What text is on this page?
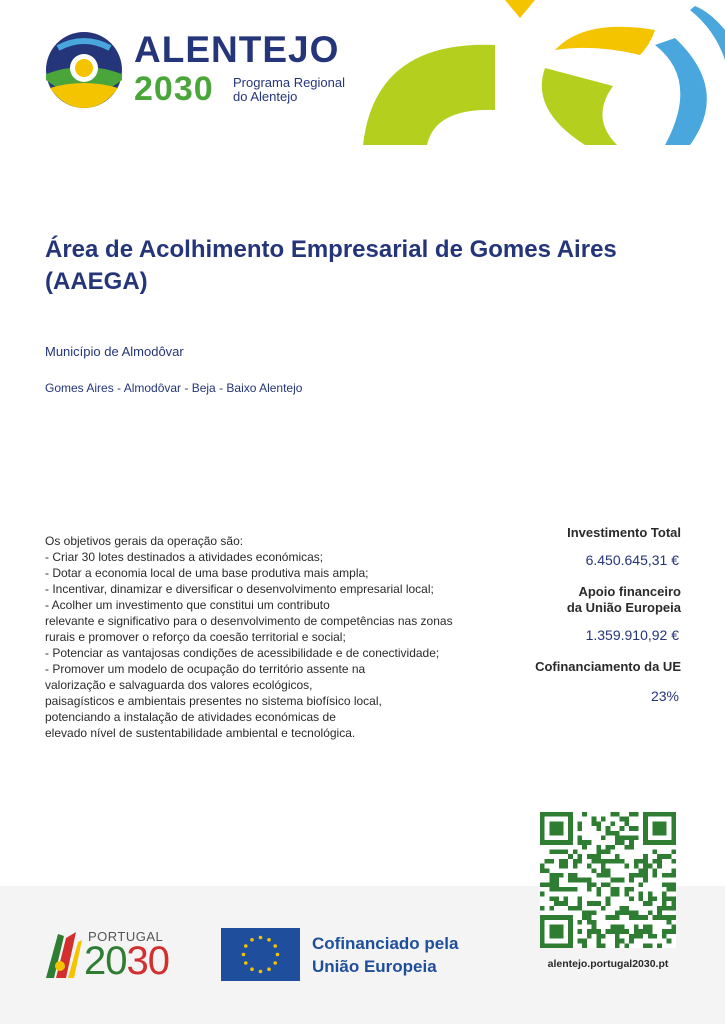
ALENTEJO
2030 Programa Regional
do Alentejo
Área de Acolhimento Empresarial de Gomes Aires (AAEGA)
Município de Almodôvar
Gomes Aires - Almodôvar - Beja - Baixo Alentejo
Os objetivos gerais da operação são:
- Criar 30 lotes destinados a atividades económicas;
- Dotar a economia local de uma base produtiva mais ampla;
- Incentivar, dinamizar e diversificar o desenvolvimento empresarial local;
- Acolher um investimento que constitui um contributo
relevante e significativo para o desenvolvimento de competências nas zonas rurais e promover o reforço da coesão territorial e social;
- Potenciar as vantajosas condições de acessibilidade e de conectividade;
- Promover um modelo de ocupação do território assente na
valorização e salvaguarda dos valores ecológicos,
paisagísticos e ambientais presentes no sistema biofísico local,
potenciando a instalação de atividades económicas de
elevado nível de sustentabilidade ambiental e tecnológica.
Investimento Total
6.450.645,31 €
Apoio financeiro
da União Europeia
1.359.910,92 €
Cofinanciamento da UE
23%
PORTUGAL
2030	Cofinanciado pela
União Europeia	alentejo.portugal2030.pt
